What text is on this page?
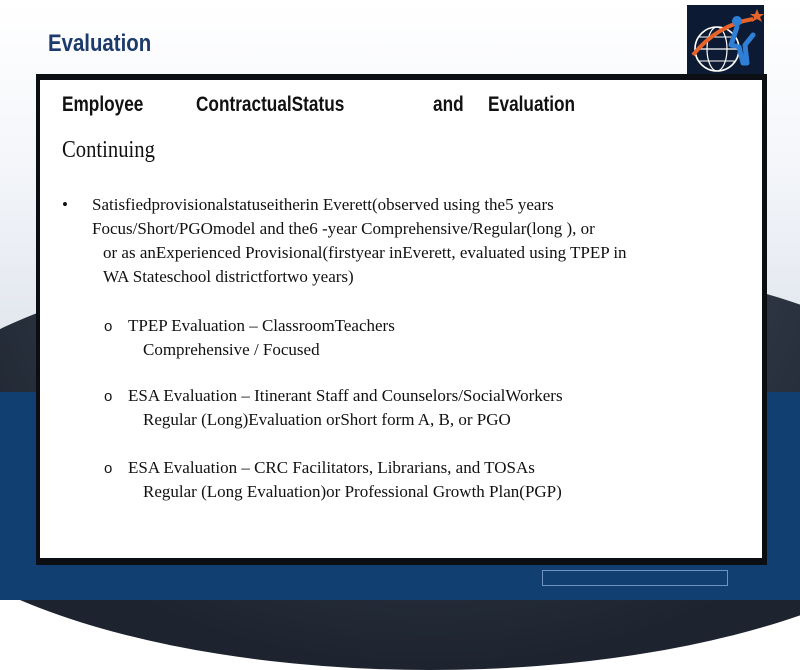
Evaluation
Employee	ContractualStatus	and Evaluation
Continuing
• Satisfiedprovisionalstatuseitherin Everett(observed using the5 years
Focus/Short/PGOmodel and the6 -year Comprehensive/Regular(long ), or
or as anExperienced Provisional(firstyear inEverett, evaluated using TPEP in
WA Stateschool districtfortwo years)
o TPEP Evaluation – ClassroomTeachers
Comprehensive / Focused
o ESA Evaluation – Itinerant Staff and Counselors/SocialWorkers
Regular (Long)Evaluation orShort form A, B, or PGO
o ESA Evaluation – CRC Facilitators, Librarians, and TOSAs
Regular (Long Evaluation)or Professional Growth Plan(PGP)
